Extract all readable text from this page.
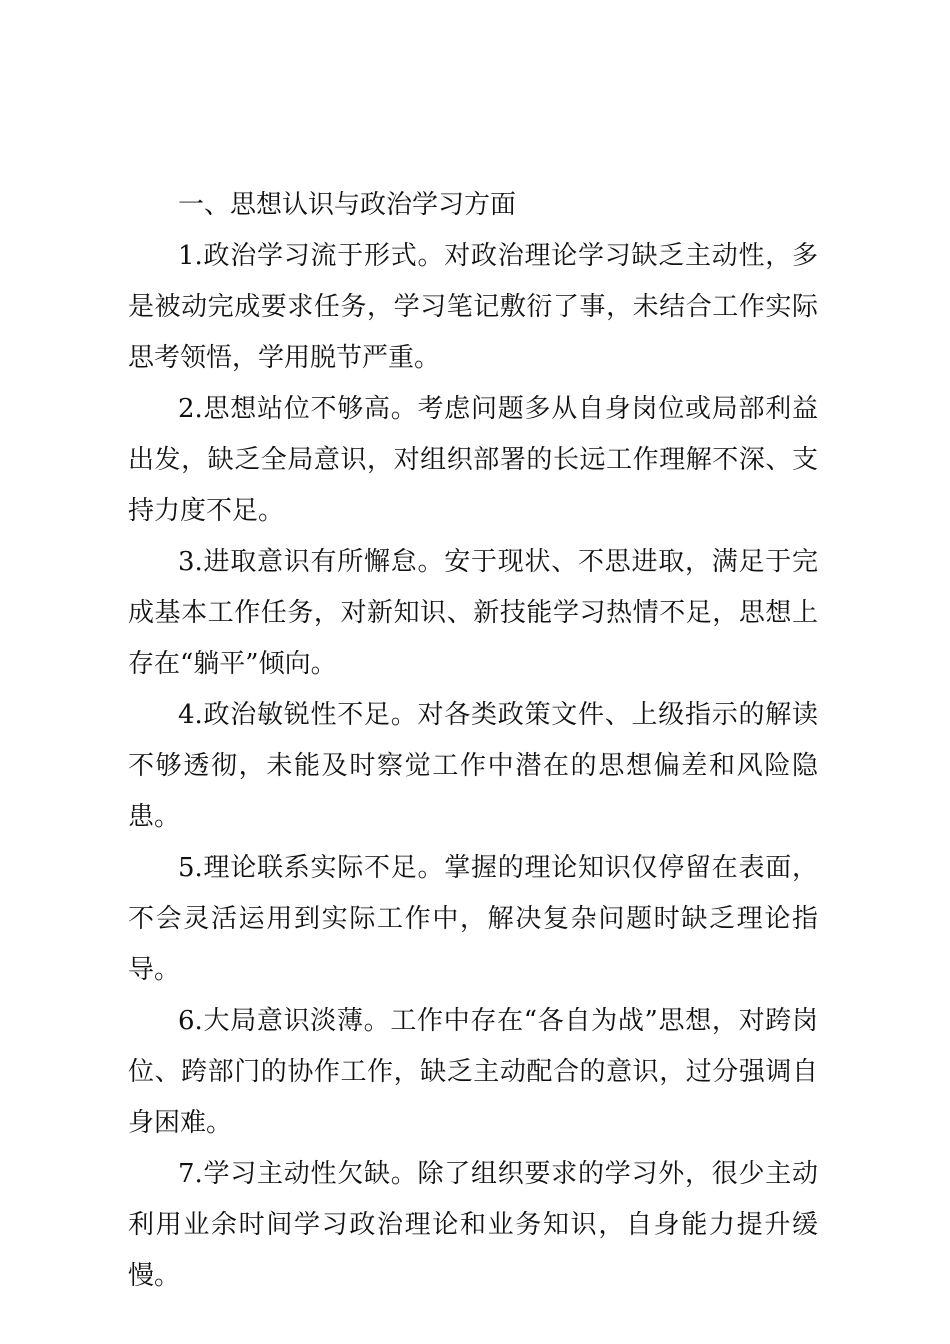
一、思想认识与政治学习方面

1.政治学习流于形式。对政治理论学习缺乏主动性，多是被动完成要求任务，学习笔记敷衍了事，未结合工作实际思考领悟，学用脱节严重。

2.思想站位不够高。考虑问题多从自身岗位或局部利益出发，缺乏全局意识，对组织部署的长远工作理解不深、支持力度不足。

3.进取意识有所懈怠。安于现状、不思进取，满足于完成基本工作任务，对新知识、新技能学习热情不足，思想上存在“躺平”倾向。

4.政治敏锐性不足。对各类政策文件、上级指示的解读不够透彻，未能及时察觉工作中潜在的思想偏差和风险隐患。

5.理论联系实际不足。掌握的理论知识仅停留在表面，不会灵活运用到实际工作中，解决复杂问题时缺乏理论指导。

6.大局意识淡薄。工作中存在“各自为战”思想，对跨岗位、跨部门的协作工作，缺乏主动配合的意识，过分强调自身困难。

7.学习主动性欠缺。除了组织要求的学习外，很少主动利用业余时间学习政治理论和业务知识，自身能力提升缓慢。
